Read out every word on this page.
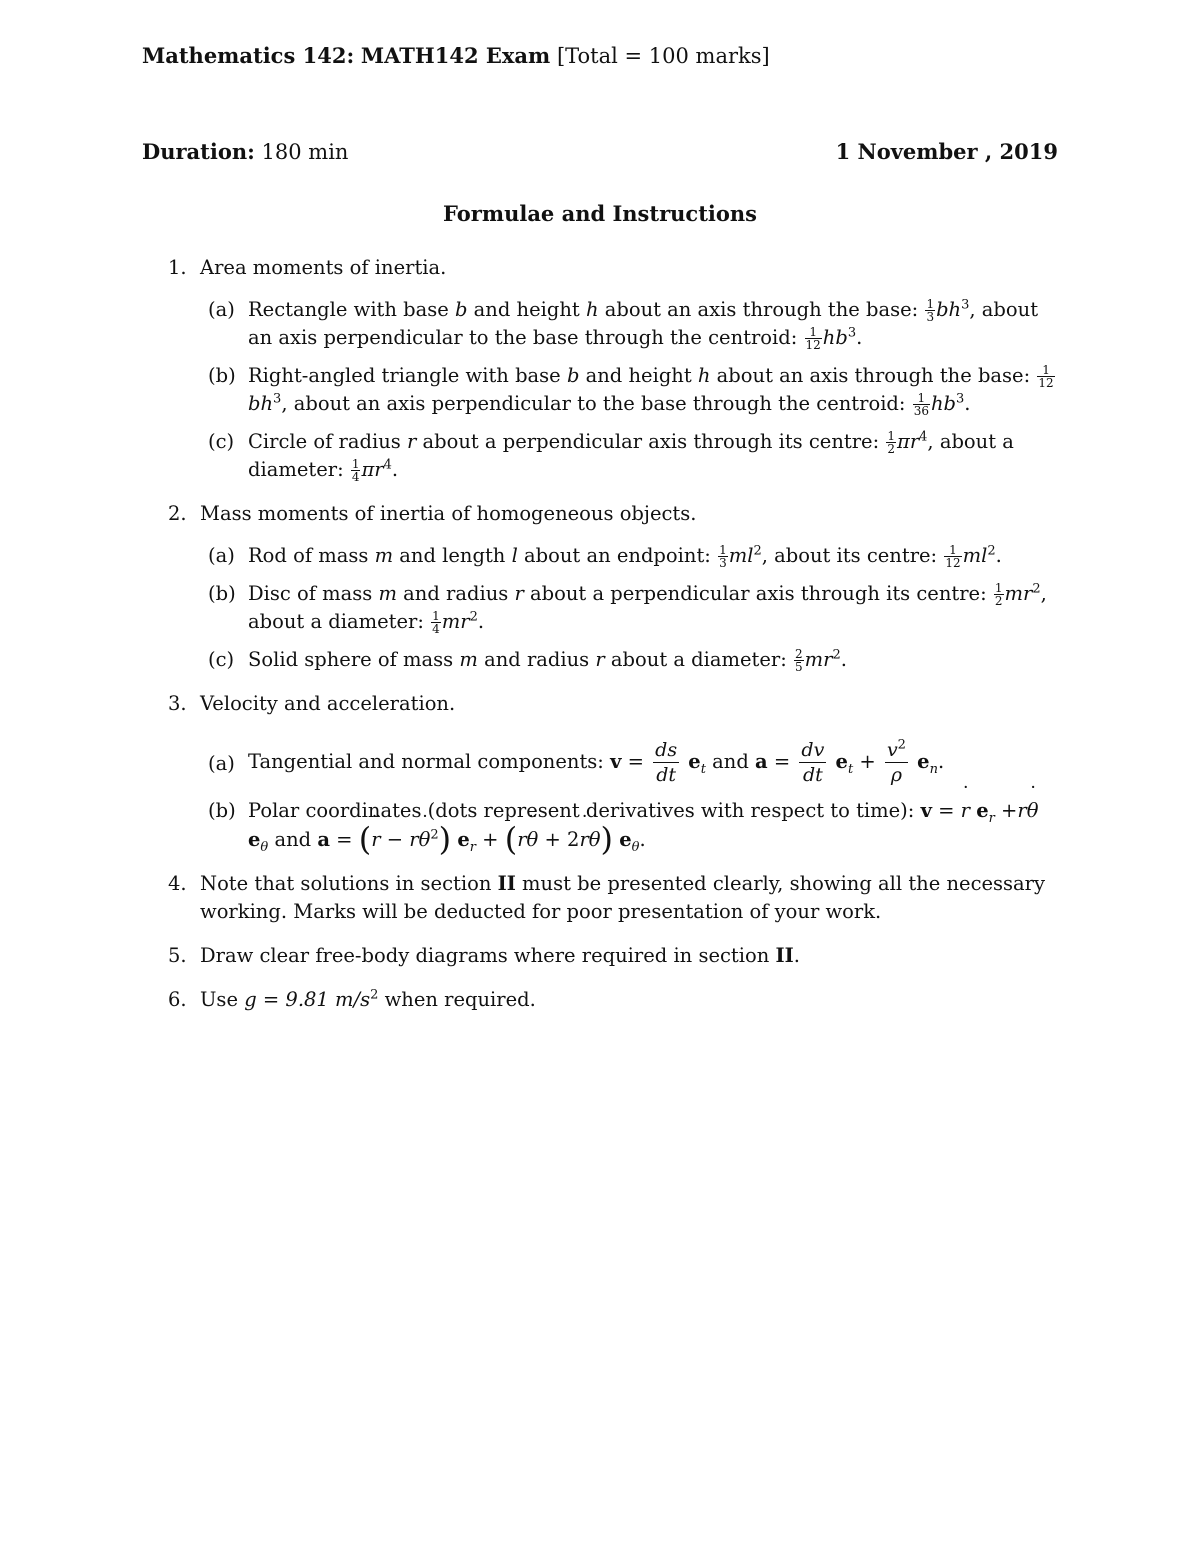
Mathematics 142: MATH142 Exam [Total = 100 marks]
Duration: 180 min	1 November , 2019
Formulae and Instructions
1. Area moments of inertia.
(a) Rectangle with base b and height h about an axis through the base: $\frac{1}{3} bh^3$, about an axis perpendicular to the base through the centroid: $\frac{1}{12} hb^3$.
(b) Right-angled triangle with base b and height h about an axis through the base: $\frac{1}{12}$
$bh^3$, about an axis perpendicular to the base through the centroid: $\frac{1}{36} hb^3$.
(c) Circle of radius r about a perpendicular axis through its centre: $\frac{1}{2} \pi r^4$, about a diameter: $\frac{1}{4} \pi r^4$.
2. Mass moments of inertia of homogeneous objects.
(a) Rod of mass m and length l about an endpoint: $\frac{1}{3} ml^2$, about its centre: $\frac{1}{12} ml^2$.
(b) Disc of mass m and radius r about a perpendicular axis through its centre: $\frac{1}{2} mr^2$, about a diameter: $\frac{1}{4} mr^2$.
(c) Solid sphere of mass m and radius r about a diameter: $\frac{2}{5} mr^2$.
3. Velocity and acceleration.
(a) Tangential and normal components: $v = \frac{ds}{dt} e_t$ and $a = \frac{dv}{dt} e_t + \frac{v^2}{\rho} e_n$.
(b) Polar coordinates (dots represent derivatives with respect to time): v = r ˙ $e_r +r\theta$ ˙ $e_\theta$ and a = (r ¨ − rθ ˙$^2$) $e_r + (r\theta$ ¨ + 2r ˙θ ˙) $e_\theta$.
4. Note that solutions in section II must be presented clearly, showing all the necessary working. Marks will be deducted for poor presentation of your work.
5. Draw clear free-body diagrams where required in section II.
6. Use g = 9.81 $m/s^2$ when required.
